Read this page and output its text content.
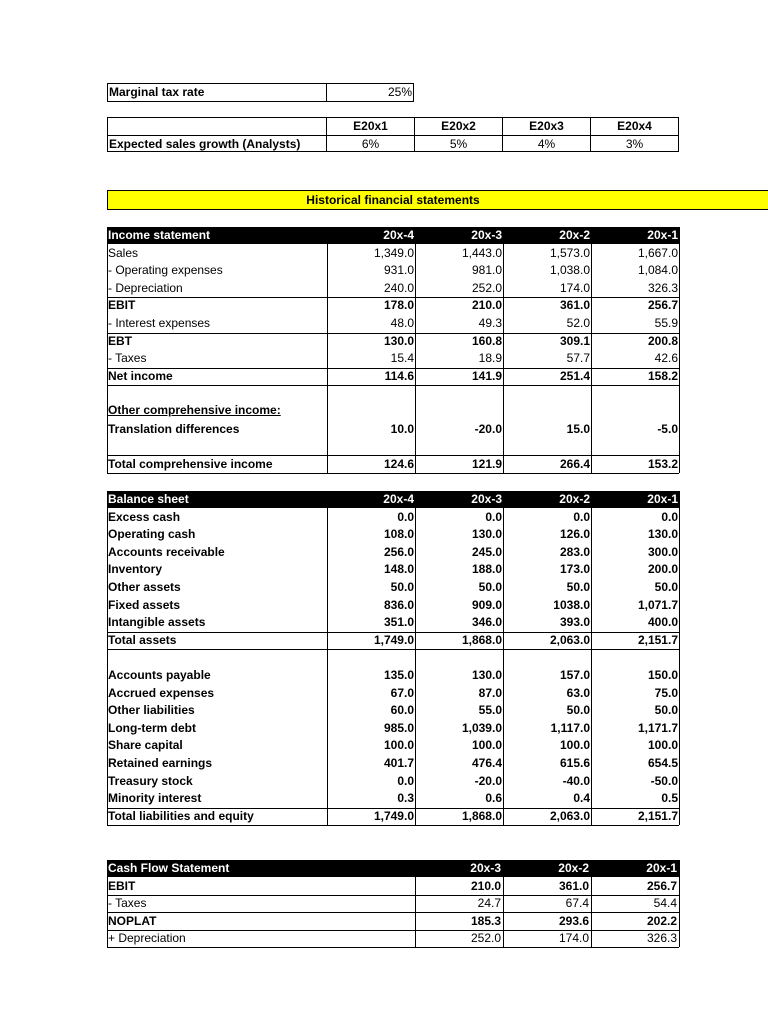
Marginal tax rate	25%
E20x1	E20x2	E20x3	E20x4
Expected sales growth (Analysts)	6%	5%	4%	3%
Historical financial statements
Income statement	20x-4	20x-3	20x-2	20x-1
Sales	1,349.0	1,443.0	1,573.0	1,667.0
- Operating expenses	931.0	981.0	1,038.0	1,084.0
- Depreciation	240.0	252.0	174.0	326.3
EBIT	178.0	210.0	361.0	256.7
- Interest expenses	48.0	49.3	52.0	55.9
EBT	130.0	160.8	309.1	200.8
- Taxes	15.4	18.9	57.7	42.6
Net income	114.6	141.9	251.4	158.2
Other comprehensive income:
Translation differences	10.0	-20.0	15.0	-5.0
Total comprehensive income	124.6	121.9	266.4	153.2
Balance sheet	20x-4	20x-3	20x-2	20x-1
Excess cash	0.0	0.0	0.0	0.0
Operating cash	108.0	130.0	126.0	130.0
Accounts receivable	256.0	245.0	283.0	300.0
Inventory	148.0	188.0	173.0	200.0
Other assets	50.0	50.0	50.0	50.0
Fixed assets	836.0	909.0	1038.0	1,071.7
Intangible assets	351.0	346.0	393.0	400.0
Total assets	1,749.0	1,868.0	2,063.0	2,151.7
Accounts payable	135.0	130.0	157.0	150.0
Accrued expenses	67.0	87.0	63.0	75.0
Other liabilities	60.0	55.0	50.0	50.0
Long-term debt	985.0	1,039.0	1,117.0	1,171.7
Share capital	100.0	100.0	100.0	100.0
Retained earnings	401.7	476.4	615.6	654.5
Treasury stock	0.0	-20.0	-40.0	-50.0
Minority interest	0.3	0.6	0.4	0.5
Total liabilities and equity	1,749.0	1,868.0	2,063.0	2,151.7
Cash Flow Statement	20x-3	20x-2	20x-1
EBIT	210.0	361.0	256.7
- Taxes	24.7	67.4	54.4
NOPLAT	185.3	293.6	202.2
+ Depreciation	252.0	174.0	326.3
